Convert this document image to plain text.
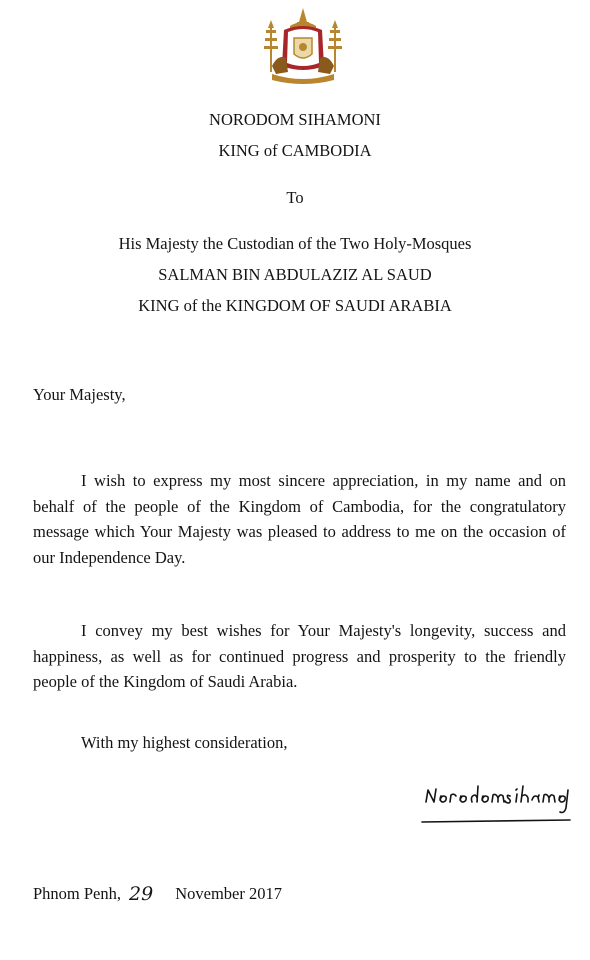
NORODOM SIHAMONI
KING of CAMBODIA
To
His Majesty the Custodian of the Two Holy-Mosques
SALMAN BIN ABDULAZIZ AL SAUD
KING of the KINGDOM OF SAUDI ARABIA
Your Majesty,

I wish to express my most sincere appreciation, in my name and on behalf of the people of the Kingdom of Cambodia, for the congratulatory message which Your Majesty was pleased to address to me on the occasion of our Independence Day.

I convey my best wishes for Your Majesty's longevity, success and happiness, as well as for continued progress and prosperity to the friendly people of the Kingdom of Saudi Arabia.

With my highest consideration,
Phnom Penh, 29 November 2017
